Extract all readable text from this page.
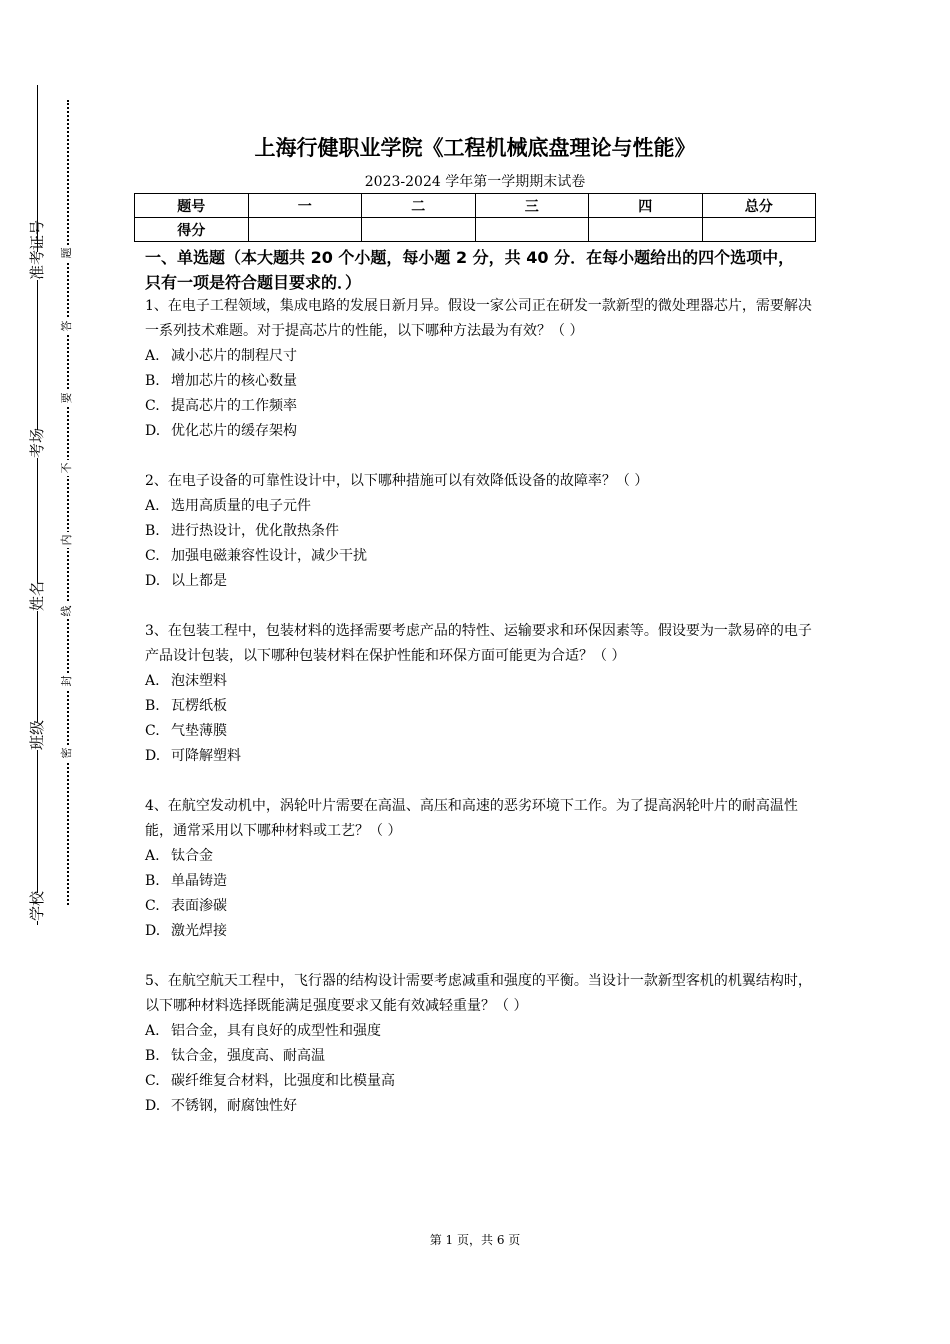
准考证号
考场
姓名
班级
学校
题
答
要
不
内
线
封
密
上海行健职业学院《工程机械底盘理论与性能》
2023-2024 学年第一学期期末试卷
题号	一	二	三	四	总分
得分					
一、单选题（本大题共 20 个小题，每小题 2 分，共 40 分．在每小题给出的四个选项中，只有一项是符合题目要求的．）
1、在电子工程领域，集成电路的发展日新月异。假设一家公司正在研发一款新型的微处理器芯片，需要解决一系列技术难题。对于提高芯片的性能，以下哪种方法最为有效？（ ）
A. 减小芯片的制程尺寸
B. 增加芯片的核心数量
C. 提高芯片的工作频率
D. 优化芯片的缓存架构
2、在电子设备的可靠性设计中，以下哪种措施可以有效降低设备的故障率？（ ）
A. 选用高质量的电子元件
B. 进行热设计，优化散热条件
C. 加强电磁兼容性设计，减少干扰
D. 以上都是
3、在包装工程中，包装材料的选择需要考虑产品的特性、运输要求和环保因素等。假设要为一款易碎的电子产品设计包装，以下哪种包装材料在保护性能和环保方面可能更为合适？（ ）
A. 泡沫塑料
B. 瓦楞纸板
C. 气垫薄膜
D. 可降解塑料
4、在航空发动机中，涡轮叶片需要在高温、高压和高速的恶劣环境下工作。为了提高涡轮叶片的耐高温性能，通常采用以下哪种材料或工艺？（ ）
A. 钛合金
B. 单晶铸造
C. 表面渗碳
D. 激光焊接
5、在航空航天工程中，飞行器的结构设计需要考虑减重和强度的平衡。当设计一款新型客机的机翼结构时，以下哪种材料选择既能满足强度要求又能有效减轻重量？（ ）
A. 铝合金，具有良好的成型性和强度
B. 钛合金，强度高、耐高温
C. 碳纤维复合材料，比强度和比模量高
D. 不锈钢，耐腐蚀性好
第 1 页，共 6 页
